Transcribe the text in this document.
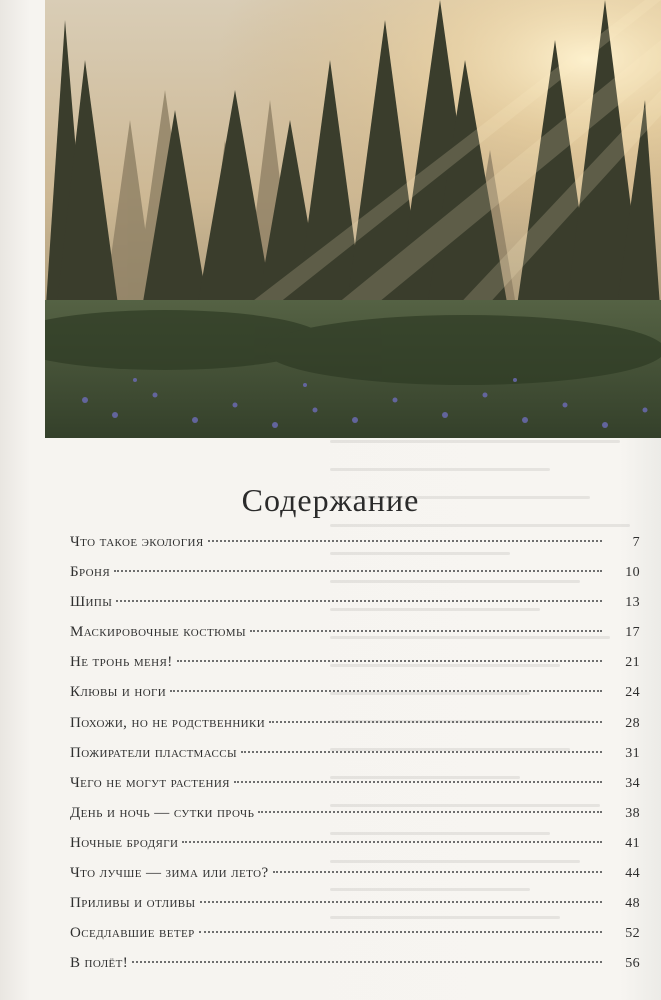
Содержание
Что такое экология	7
Броня	10
Шипы	13
Маскировочные костюмы	17
Не тронь меня!	21
Клювы и ноги	24
Похожи, но не родственники	28
Пожиратели пластмассы	31
Чего не могут растения	34
День и ночь — сутки прочь	38
Ночные бродяги	41
Что лучше — зима или лето?	44
Приливы и отливы	48
Оседлавшие ветер	52
В полёт!	56
